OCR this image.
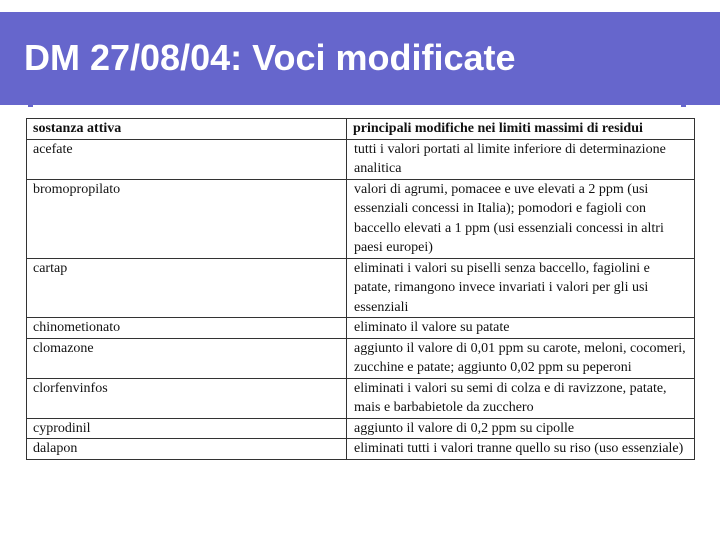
DM 27/08/04: Voci modificate
sostanza attiva	principali modifiche nei limiti massimi di residui
acefate	tutti i valori portati al limite inferiore di determinazione analitica
bromopropilato	valori di agrumi, pomacee e uve elevati a 2 ppm (usi essenziali concessi in Italia); pomodori e fagioli con baccello elevati a 1 ppm (usi essenziali concessi in altri paesi europei)
cartap	eliminati i valori su piselli senza baccello, fagiolini e patate, rimangono invece invariati i valori per gli usi essenziali
chinometionato	eliminato il valore su patate
clomazone	aggiunto il valore di 0,01 ppm su carote, meloni, cocomeri, zucchine e patate; aggiunto 0,02 ppm su peperoni
clorfenvinfos	eliminati i valori su semi di colza e di ravizzone, patate, mais e barbabietole da zucchero
cyprodinil	aggiunto il valore di 0,2 ppm su cipolle
dalapon	eliminati tutti i valori tranne quello su riso (uso essenziale)
